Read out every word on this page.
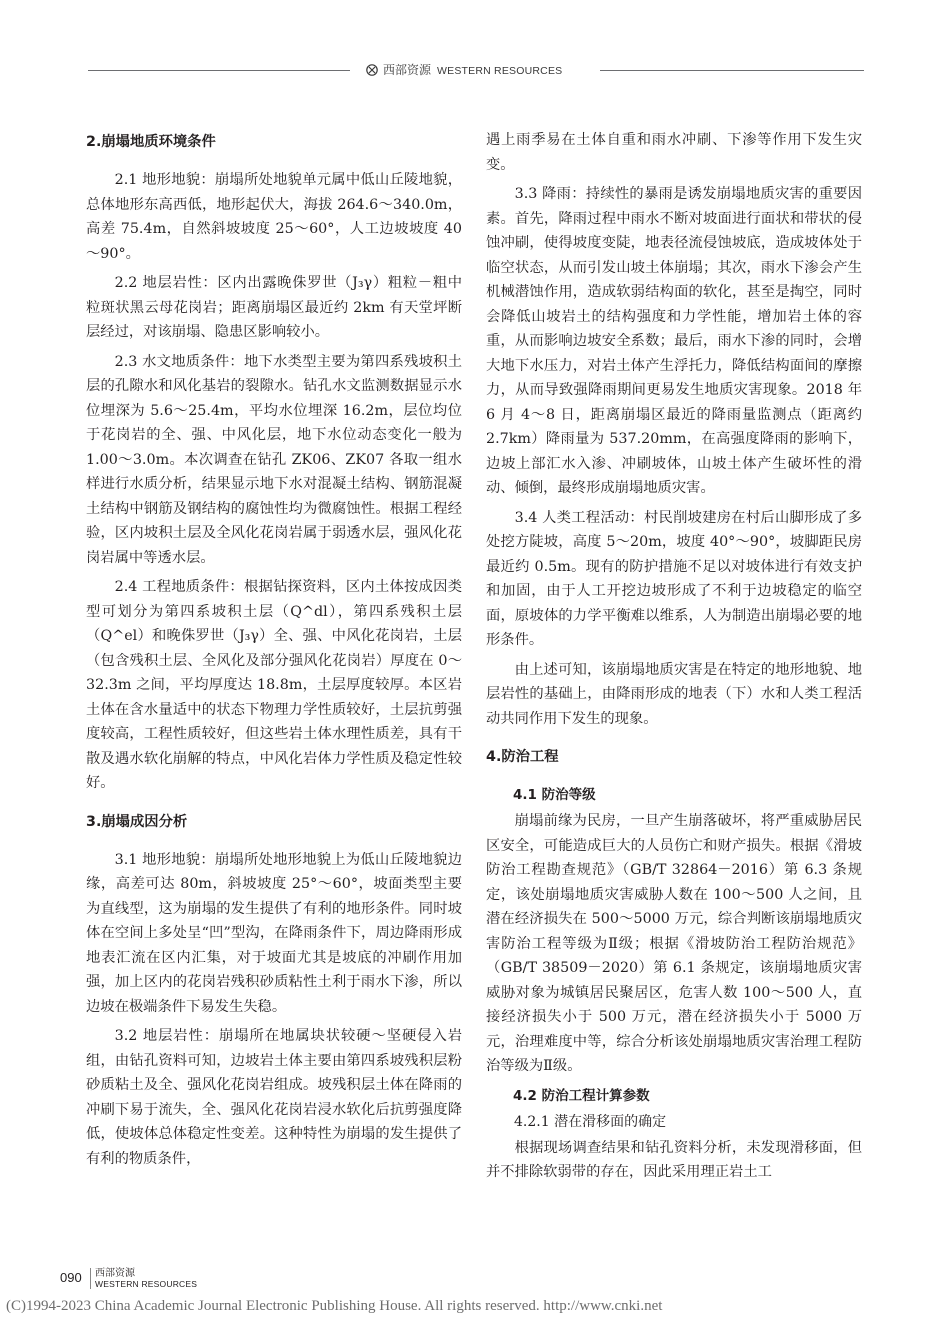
西部资源 WESTERN RESOURCES
2.崩塌地质环境条件

2.1 地形地貌：崩塌所处地貌单元属中低山丘陵地貌，总体地形东高西低，地形起伏大，海拔 264.6～340.0m，高差 75.4m，自然斜坡坡度 25～60°，人工边坡坡度 40～90°。

2.2 地层岩性：区内出露晚侏罗世（J₃γ）粗粒－粗中粒斑状黑云母花岗岩；距离崩塌区最近约 2km 有天堂坪断层经过，对该崩塌、隐患区影响较小。

2.3 水文地质条件：地下水类型主要为第四系残坡积土层的孔隙水和风化基岩的裂隙水。钻孔水文监测数据显示水位埋深为 5.6～25.4m，平均水位埋深 16.2m，层位均位于花岗岩的全、强、中风化层，地下水位动态变化一般为 1.00～3.0m。本次调查在钻孔 ZK06、ZK07 各取一组水样进行水质分析，结果显示地下水对混凝土结构、钢筋混凝土结构中钢筋及钢结构的腐蚀性均为微腐蚀性。根据工程经验，区内坡积土层及全风化花岗岩属于弱透水层，强风化花岗岩属中等透水层。

2.4 工程地质条件：根据钻探资料，区内土体按成因类型可划分为第四系坡积土层（Q^dl），第四系残积土层（Q^el）和晚侏罗世（J₃γ）全、强、中风化花岗岩，土层（包含残积土层、全风化及部分强风化花岗岩）厚度在 0～32.3m 之间，平均厚度达 18.8m，土层厚度较厚。本区岩土体在含水量适中的状态下物理力学性质较好，土层抗剪强度较高，工程性质较好，但这些岩土体水理性质差，具有干散及遇水软化崩解的特点，中风化岩体力学性质及稳定性较好。

3.崩塌成因分析

3.1 地形地貌：崩塌所处地形地貌上为低山丘陵地貌边缘，高差可达 80m，斜坡坡度 25°～60°，坡面类型主要为直线型，这为崩塌的发生提供了有利的地形条件。同时坡体在空间上多处呈“凹”型沟，在降雨条件下，周边降雨形成地表汇流在区内汇集，对于坡面尤其是坡底的冲刷作用加强，加上区内的花岗岩残积砂质粘性土利于雨水下渗，所以边坡在极端条件下易发生失稳。

3.2 地层岩性：崩塌所在地属块状较硬～坚硬侵入岩组，由钻孔资料可知，边坡岩土体主要由第四系坡残积层粉砂质粘土及全、强风化花岗岩组成。坡残积层土体在降雨的冲刷下易于流失，全、强风化花岗岩浸水软化后抗剪强度降低，使坡体总体稳定性变差。这种特性为崩塌的发生提供了有利的物质条件，

遇上雨季易在土体自重和雨水冲刷、下渗等作用下发生灾变。

3.3 降雨：持续性的暴雨是诱发崩塌地质灾害的重要因素。首先，降雨过程中雨水不断对坡面进行面状和带状的侵蚀冲刷，使得坡度变陡，地表径流侵蚀坡底，造成坡体处于临空状态，从而引发山坡土体崩塌；其次，雨水下渗会产生机械潜蚀作用，造成软弱结构面的软化，甚至是掏空，同时会降低山坡岩土的结构强度和力学性能，增加岩土体的容重，从而影响边坡安全系数；最后，雨水下渗的同时，会增大地下水压力，对岩土体产生浮托力，降低结构面间的摩擦力，从而导致强降雨期间更易发生地质灾害现象。2018 年 6 月 4～8 日，距离崩塌区最近的降雨量监测点（距离约 2.7km）降雨量为 537.20mm，在高强度降雨的影响下，边坡上部汇水入渗、冲刷坡体，山坡土体产生破坏性的滑动、倾倒，最终形成崩塌地质灾害。

3.4 人类工程活动：村民削坡建房在村后山脚形成了多处挖方陡坡，高度 5～20m，坡度 40°～90°，坡脚距民房最近约 0.5m。现有的防护措施不足以对坡体进行有效支护和加固，由于人工开挖边坡形成了不利于边坡稳定的临空面，原坡体的力学平衡难以维系，人为制造出崩塌必要的地形条件。

由上述可知，该崩塌地质灾害是在特定的地形地貌、地层岩性的基础上，由降雨形成的地表（下）水和人类工程活动共同作用下发生的现象。

4.防治工程
4.1 防治等级

崩塌前缘为民房，一旦产生崩落破坏，将严重威胁居民区安全，可能造成巨大的人员伤亡和财产损失。根据《滑坡防治工程勘查规范》（GB/T 32864－2016）第 6.3 条规定，该处崩塌地质灾害威胁人数在 100～500 人之间，且潜在经济损失在 500～5000 万元，综合判断该崩塌地质灾害防治工程等级为Ⅱ级；根据《滑坡防治工程防治规范》（GB/T 38509－2020）第 6.1 条规定，该崩塌地质灾害威胁对象为城镇居民聚居区，危害人数 100～500 人，直接经济损失小于 500 万元，潜在经济损失小于 5000 万元，治理难度中等，综合分析该处崩塌地质灾害治理工程防治等级为Ⅱ级。

4.2 防治工程计算参数
4.2.1 潜在滑移面的确定

根据现场调查结果和钻孔资料分析，未发现滑移面，但并不排除软弱带的存在，因此采用理正岩土工

090 西部资源
WESTERN RESOURCES
(C)1994-2023 China Academic Journal Electronic Publishing House. All rights reserved. http://www.cnki.net
